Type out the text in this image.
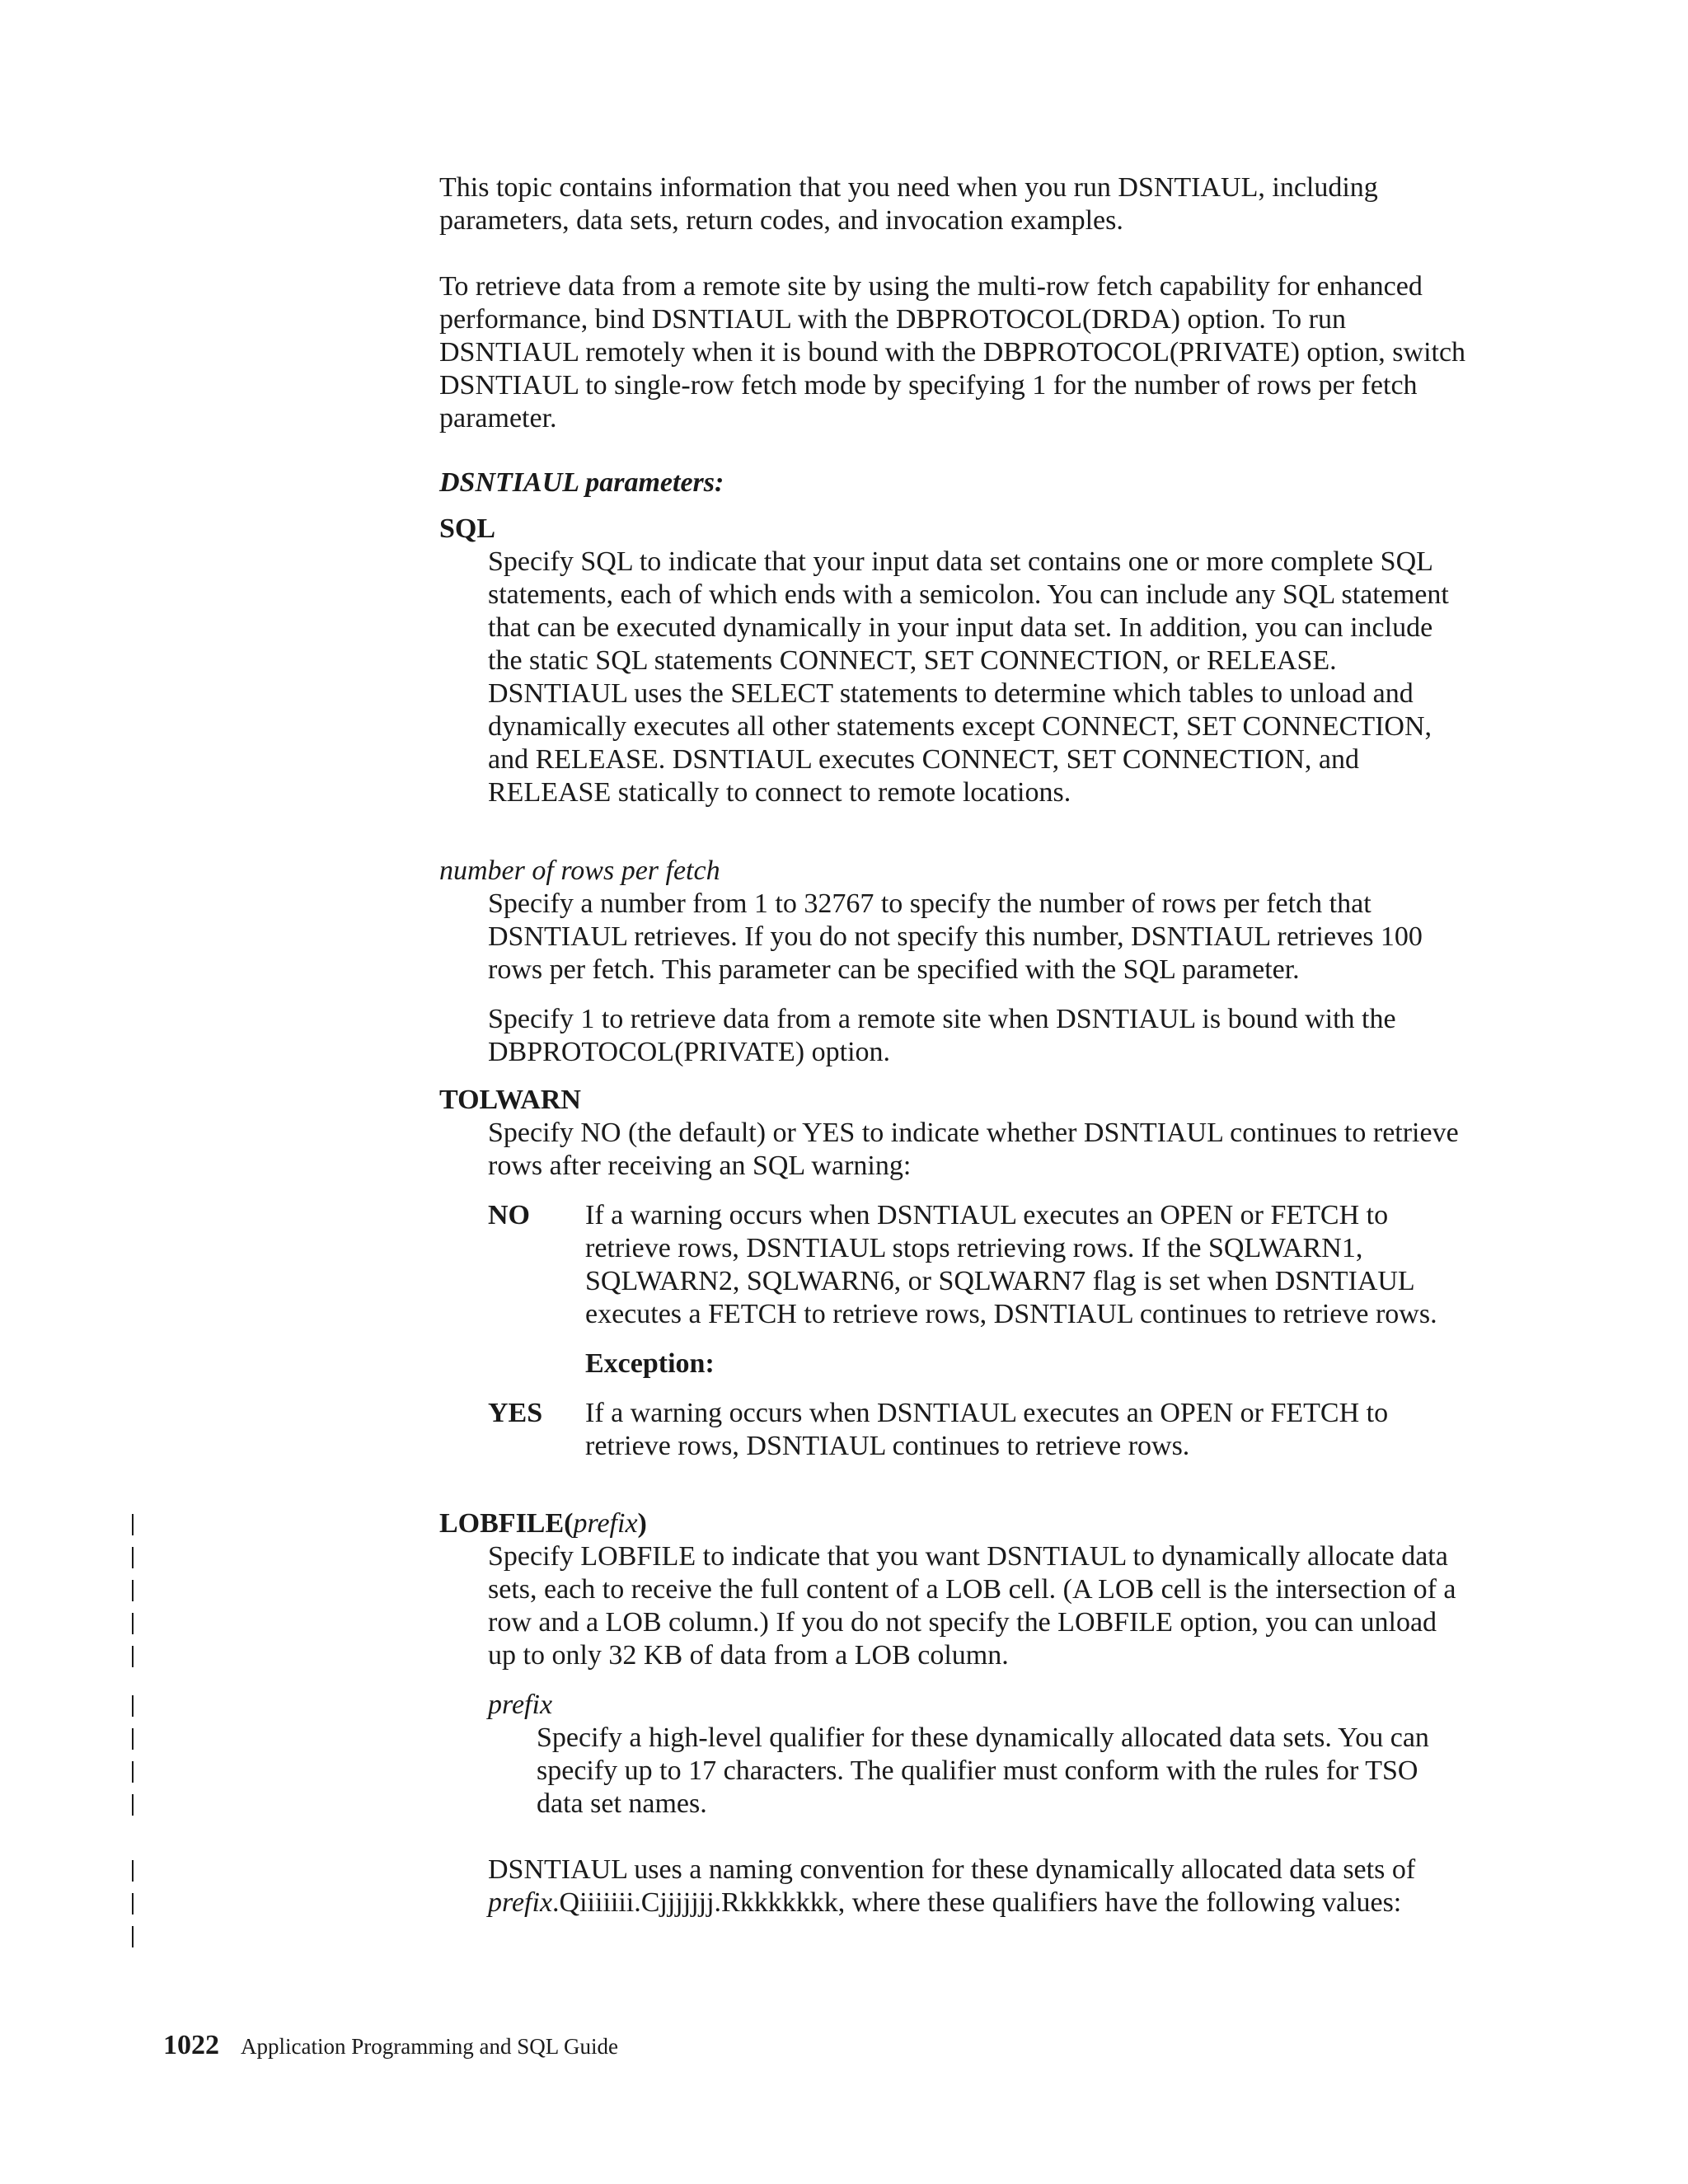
This topic contains information that you need when you run DSNTIAUL, including parameters, data sets, return codes, and invocation examples.

To retrieve data from a remote site by using the multi-row fetch capability for enhanced performance, bind DSNTIAUL with the DBPROTOCOL(DRDA) option. To run DSNTIAUL remotely when it is bound with the DBPROTOCOL(PRIVATE) option, switch DSNTIAUL to single-row fetch mode by specifying 1 for the number of rows per fetch parameter.

DSNTIAUL parameters:

SQL

Specify SQL to indicate that your input data set contains one or more complete SQL statements, each of which ends with a semicolon. You can include any SQL statement that can be executed dynamically in your input data set. In addition, you can include the static SQL statements CONNECT, SET CONNECTION, or RELEASE. DSNTIAUL uses the SELECT statements to determine which tables to unload and dynamically executes all other statements except CONNECT, SET CONNECTION, and RELEASE. DSNTIAUL executes CONNECT, SET CONNECTION, and RELEASE statically to connect to remote locations.

number of rows per fetch

Specify a number from 1 to 32767 to specify the number of rows per fetch that DSNTIAUL retrieves. If you do not specify this number, DSNTIAUL retrieves 100 rows per fetch. This parameter can be specified with the SQL parameter.

Specify 1 to retrieve data from a remote site when DSNTIAUL is bound with the DBPROTOCOL(PRIVATE) option.

TOLWARN

Specify NO (the default) or YES to indicate whether DSNTIAUL continues to retrieve rows after receiving an SQL warning:

NO	If a warning occurs when DSNTIAUL executes an OPEN or FETCH to retrieve rows, DSNTIAUL stops retrieving rows. If the SQLWARN1, SQLWARN2, SQLWARN6, or SQLWARN7 flag is set when DSNTIAUL executes a FETCH to retrieve rows, DSNTIAUL continues to retrieve rows.

Exception:

YES	If a warning occurs when DSNTIAUL executes an OPEN or FETCH to retrieve rows, DSNTIAUL continues to retrieve rows.

LOBFILE(prefix)

Specify LOBFILE to indicate that you want DSNTIAUL to dynamically allocate data sets, each to receive the full content of a LOB cell. (A LOB cell is the intersection of a row and a LOB column.) If you do not specify the LOBFILE option, you can unload up to only 32 KB of data from a LOB column.

prefix

Specify a high-level qualifier for these dynamically allocated data sets. You can specify up to 17 characters. The qualifier must conform with the rules for TSO data set names.

DSNTIAUL uses a naming convention for these dynamically allocated data sets of prefix.Qiiiiiii.Cjjjjjjj.Rkkkkkkk, where these qualifiers have the following values:

1022 Application Programming and SQL Guide
